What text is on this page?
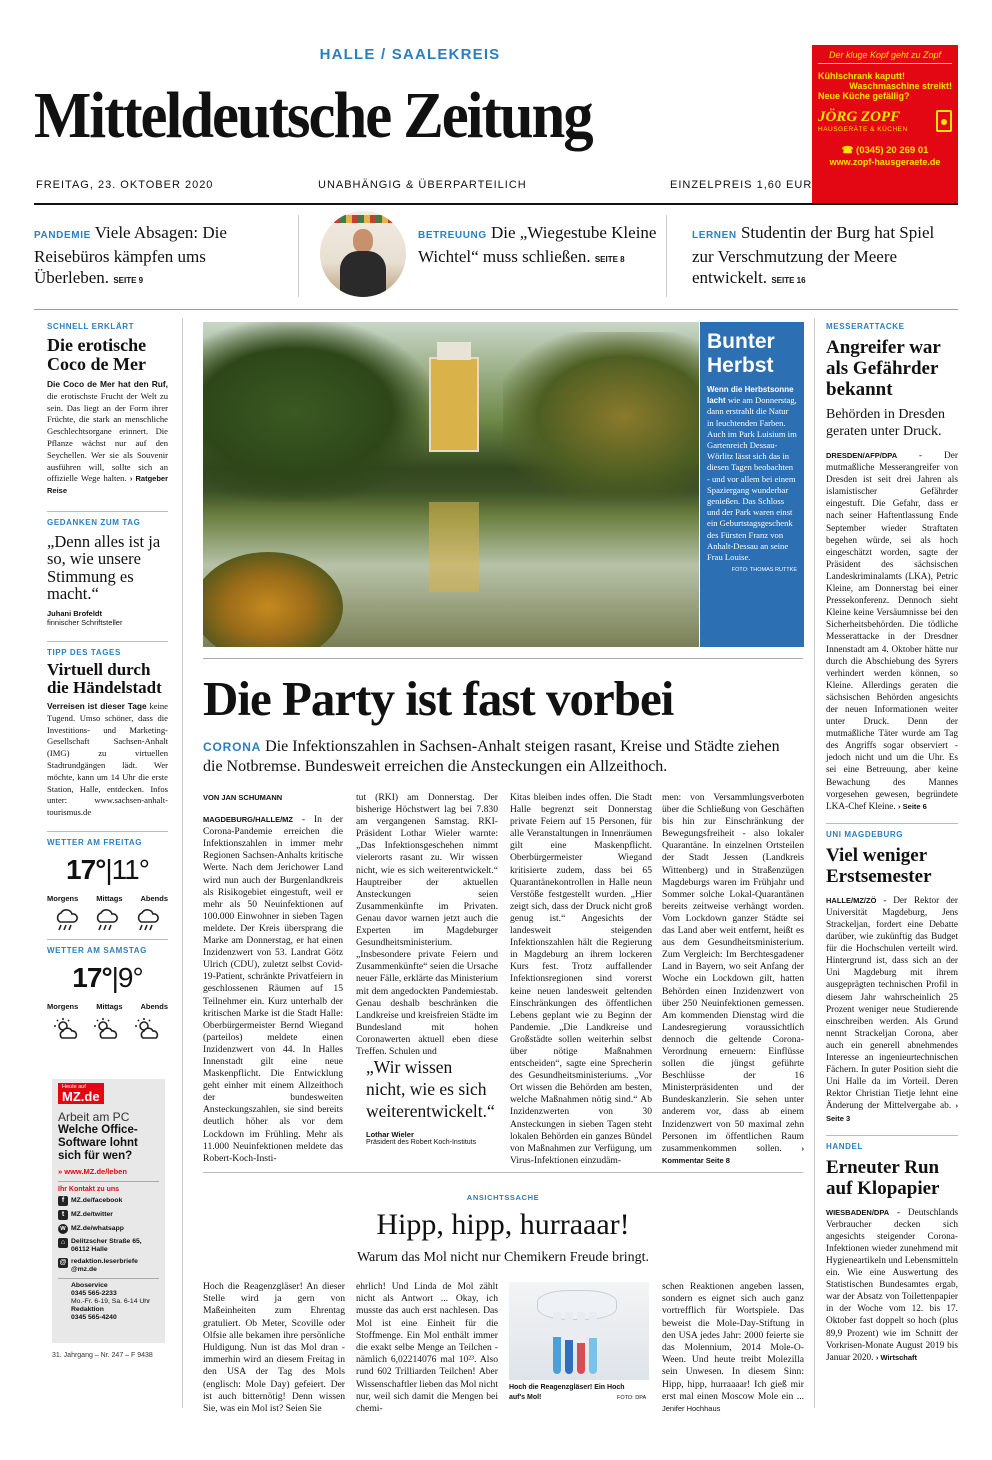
HALLE / SAALEKREIS
Mitteldeutsche Zeitung
FREITAG, 23. OKTOBER 2020	UNABHÄNGIG & ÜBERPARTEILICH	EINZELPREIS 1,60 EUR
Der kluge Kopf geht zu Zopf
Kühlschrank kaputt!
Waschmaschine streikt!
Neue Küche gefällig?
JÖRG ZOPF
HAUSGERÄTE & KÜCHEN
☎ (0345) 20 269 01
www.zopf-hausgeraete.de
PANDEMIE Viele Absagen: Die Reisebüros kämpfen ums Überleben. SEITE 9
BETREUUNG Die „Wiegestube Kleine Wichtel“ muss schließen. SEITE 8
LERNEN Studentin der Burg hat Spiel zur Verschmutzung der Meere entwickelt. SEITE 16
SCHNELL ERKLÄRT
Die erotische Coco de Mer
Die Coco de Mer hat den Ruf, die erotischste Frucht der Welt zu sein. Das liegt an der Form ihrer Früchte, die stark an menschliche Geschlechtsorgane erinnert. Die Pflanze wächst nur auf den Seychellen. Wer sie als Souvenir ausführen will, sollte sich an offizielle Wege halten. › Ratgeber Reise
GEDANKEN ZUM TAG
„Denn alles ist ja so, wie unsere Stimmung es macht.“
Juhani Brofeldt
finnischer Schriftsteller
TIPP DES TAGES
Virtuell durch die Händelstadt
Verreisen ist dieser Tage keine Tugend. Umso schöner, dass die Investitions- und Marketing-Gesellschaft Sachsen-Anhalt (IMG) zu virtuellen Stadtrundgängen lädt. Wer möchte, kann um 14 Uhr die erste Station, Halle, entdecken. Infos unter: www.sachsen-anhalt-tourismus.de
WETTER AM FREITAG
17°|11°
Morgens Mittags Abends
WETTER AM SAMSTAG
17°|9°
Morgens Mittags Abends
Heute auf
MZ.de
Arbeit am PC
Welche Office-Software lohnt sich für wen?
» www.MZ.de/leben
Ihr Kontakt zu uns
f	MZ.de/facebook
t	MZ.de/twitter
w MZ.de/whatsapp
⌂ Delitzscher Straße 65, 06112 Halle
@ redaktion.leserbriefe @mz.de
Aboservice
0345 565-2233
Mo.-Fr. 6-19, Sa. 6-14 Uhr
Redaktion
0345 565-4240
31. Jahrgang – Nr. 247 – F 9438
Bunter Herbst
Wenn die Herbstsonne lacht wie am Donnerstag, dann erstrahlt die Natur in leuchtenden Farben. Auch im Park Luisium im Gartenreich Dessau-Wörlitz lässt sich das in diesen Tagen beobachten - und vor allem bei einem Spaziergang wunderbar genießen. Das Schloss und der Park waren einst ein Geburtstagsgeschenk des Fürsten Franz von Anhalt-Dessau an seine Frau Louise.
FOTO: THOMAS RUTTKE
Die Party ist fast vorbei
CORONA Die Infektionszahlen in Sachsen-Anhalt steigen rasant, Kreise und Städte ziehen die Notbremse. Bundesweit erreichen die Ansteckungen ein Allzeithoch.
VON JAN SCHUMANN
MAGDEBURG/HALLE/MZ - In der Corona-Pandemie erreichen die Infektionszahlen in immer mehr Regionen Sachsen-Anhalts kritische Werte. Nach dem Jerichower Land wird nun auch der Burgenlandkreis als Risikogebiet eingestuft, weil er mehr als 50 Neuinfektionen auf 100.000 Einwohner in sieben Tagen meldete. Der Kreis übersprang die Marke am Donnerstag, er hat einen Inzidenzwert von 53. Landrat Götz Ulrich (CDU), zuletzt selbst Covid-19-Patient, schränkte Privatfeiern in geschlossenen Räumen auf 15 Teilnehmer ein. Kurz unterhalb der kritischen Marke ist die Stadt Halle: Oberbürgermeister Bernd Wiegand (parteilos) meldete einen Inzidenzwert von 44. In Halles Innenstadt gilt eine neue Maskenpflicht. Die Entwicklung geht einher mit einem Allzeithoch der bundesweiten Ansteckungszahlen, sie sind bereits deutlich höher als vor dem Lockdown im Frühling. Mehr als 11.000 Neuinfektionen meldete das Robert-Koch-Insti-
tut (RKI) am Donnerstag. Der bisherige Höchstwert lag bei 7.830 am vergangenen Samstag. RKI-Präsident Lothar Wieler warnte: „Das Infektionsgeschehen nimmt vielerorts rasant zu. Wir wissen nicht, wie es sich weiterentwickelt.“ Hauptreiber der aktuellen Ansteckungen seien Zusammenkünfte im Privaten. Genau davor warnen jetzt auch die Experten im Magdeburger Gesundheitsministerium. „Insbesondere private Feiern und Zusammenkünfte“ seien die Ursache neuer Fälle, erklärte das Ministerium mit dem angedockten Pandemiestab. Genau deshalb beschränken die Landkreise und kreisfreien Städte im Bundesland mit hohen Coronawerten aktuell eben diese Treffen. Schulen und
„Wir wissen nicht, wie es sich weiterentwickelt.“
Lothar Wieler
Präsident des Robert Koch-Instituts
Kitas bleiben indes offen. Die Stadt Halle begrenzt seit Donnerstag private Feiern auf 15 Personen, für alle Veranstaltungen in Innenräumen gilt eine Maskenpflicht. Oberbürgermeister Wiegand kritisierte zudem, dass bei 65 Quarantänekontrollen in Halle neun Verstöße festgestellt wurden. „Hier zeigt sich, dass der Druck nicht groß genug ist.“ Angesichts der landesweit steigenden Infektionszahlen hält die Regierung in Magdeburg an ihrem lockeren Kurs fest. Trotz auffallender Infektionsregionen sind vorerst keine neuen landesweit geltenden Einschränkungen des öffentlichen Lebens geplant wie zu Beginn der Pandemie. „Die Landkreise und Großstädte sollen weiterhin selbst über nötige Maßnahmen entscheiden“, sagte eine Sprecherin des Gesundheitsministeriums. „Vor Ort wissen die Behörden am besten, welche Maßnahmen nötig sind.“ Ab Inzidenzwerten von 30 Ansteckungen in sieben Tagen steht lokalen Behörden ein ganzes Bündel von Maßnahmen zur Verfügung, um Virus-Infektionen einzudäm-
men: von Versammlungsverboten über die Schließung von Geschäften bis hin zur Einschränkung der Bewegungsfreiheit - also lokaler Quarantäne. In einzelnen Ortsteilen der Stadt Jessen (Landkreis Wittenberg) und in Straßenzügen Magdeburgs waren im Frühjahr und Sommer solche Lokal-Quarantänen bereits zeitweise verhängt worden. Vom Lockdown ganzer Städte sei das Land aber weit entfernt, heißt es aus dem Gesundheitsministerium. Zum Vergleich: Im Berchtesgadener Land in Bayern, wo seit Anfang der Woche ein Lockdown gilt, hatten Behörden einen Inzidenzwert von über 250 Neuinfektionen gemessen. Am kommenden Dienstag wird die Landesregierung voraussichtlich dennoch die geltende Corona-Verordnung erneuern: Einflüsse sollen die jüngst geführte Beschlüsse der 16 Ministerpräsidenten und der Bundeskanzlerin. Sie sehen unter anderem vor, dass ab einem Inzidenzwert von 50 maximal zehn Personen im öffentlichen Raum zusammenkommen sollen.	› Kommentar Seite 8
ANSICHTSSACHE
Hipp, hipp, hurraaar!
Warum das Mol nicht nur Chemikern Freude bringt.
Hoch die Reagenzgläser! An dieser Stelle wird ja gern von Maßeinheiten zum Ehrentag gratuliert. Ob Meter, Scoville oder Olfsie alle bekamen ihre persönliche Huldigung. Nun ist das Mol dran - immerhin wird an diesem Freitag in den USA der Tag des Mols (englisch: Mole Day) gefeiert. Der ist auch bitternötig! Denn wissen Sie, was ein Mol ist? Seien Sie
ehrlich! Und Linda de Mol zählt nicht als Antwort ... Okay, ich musste das auch erst nachlesen. Das Mol ist eine Einheit für die Stoffmenge. Ein Mol enthält immer die exakt selbe Menge an Teilchen - nämlich 6,02214076 mal 10²³. Also rund 602 Trilliarden Teilchen! Aber Wissenschaftler lieben das Mol nicht nur, weil sich damit die Mengen bei chemi-
Hoch die Reagenzgläser! Ein Hoch auf's Mol!	FOTO: DPA
schen Reaktionen angeben lassen, sondern es eignet sich auch ganz vortrefflich für Wortspiele. Das beweist die Mole-Day-Stiftung in den USA jedes Jahr: 2000 feierte sie das Molennium, 2014 Mole-O-Ween. Und heute treibt Molezilla sein Unwesen. In diesem Sinn: Hipp, hipp, hurraaaar! Ich gieß mir erst mal einen Moscow Mole ein ... Jenifer Hochhaus
MESSERATTACKE
Angreifer war als Gefährder bekannt
Behörden in Dresden geraten unter Druck.
DRESDEN/AFP/DPA - Der mutmaßliche Messerangreifer von Dresden ist seit drei Jahren als islamistischer Gefährder eingestuft. Die Gefahr, dass er nach seiner Haftentlassung Ende September wieder Straftaten begehen würde, sei als hoch eingeschätzt worden, sagte der Präsident des sächsischen Landeskriminalamts (LKA), Petric Kleine, am Donnerstag bei einer Pressekonferenz. Dennoch sieht Kleine keine Versäumnisse bei den Sicherheitsbehörden. Die tödliche Messerattacke in der Dresdner Innenstadt am 4. Oktober hätte nur durch die Abschiebung des Syrers verhindert werden können, so Kleine. Allerdings geraten die sächsischen Behörden angesichts der neuen Informationen weiter unter Druck. Denn der mutmaßliche Täter wurde am Tag des Angriffs sogar observiert - jedoch nicht und um die Uhr. Es sei eine Betreuung, aber keine Bewachung des Mannes vorgesehen gewesen, begründete LKA-Chef Kleine. › Seite 6
UNI MAGDEBURG
Viel weniger Erstsemester
HALLE/MZ/ZÖ - Der Rektor der Universität Magdeburg, Jens Strackeljan, fordert eine Debatte darüber, wie zukünftig das Budget für die Hochschulen verteilt wird. Hintergrund ist, dass sich an der Uni Magdeburg mit ihrem ausgeprägten technischen Profil in diesem Jahr wahrscheinlich 25 Prozent weniger neue Studierende einschreiben werden. Als Grund nennt Strackeljan Corona, aber auch ein generell abnehmendes Interesse an ingenieurtechnischen Fächern. In guter Position sieht die Uni Halle da im Vorteil. Deren Rektor Christian Tietje lehnt eine Änderung der Mittelvergabe ab. › Seite 3
HANDEL
Erneuter Run auf Klopapier
WIESBADEN/DPA - Deutschlands Verbraucher decken sich angesichts steigender Corona-Infektionen wieder zunehmend mit Hygieneartikeln und Lebensmitteln ein. Wie eine Auswertung des Statistischen Bundesamtes ergab, war der Absatz von Toilettenpapier in der Woche vom 12. bis 17. Oktober fast doppelt so hoch (plus 89,9 Prozent) wie im Schnitt der Vorkrisen-Monate August 2019 bis Januar 2020. › Wirtschaft
